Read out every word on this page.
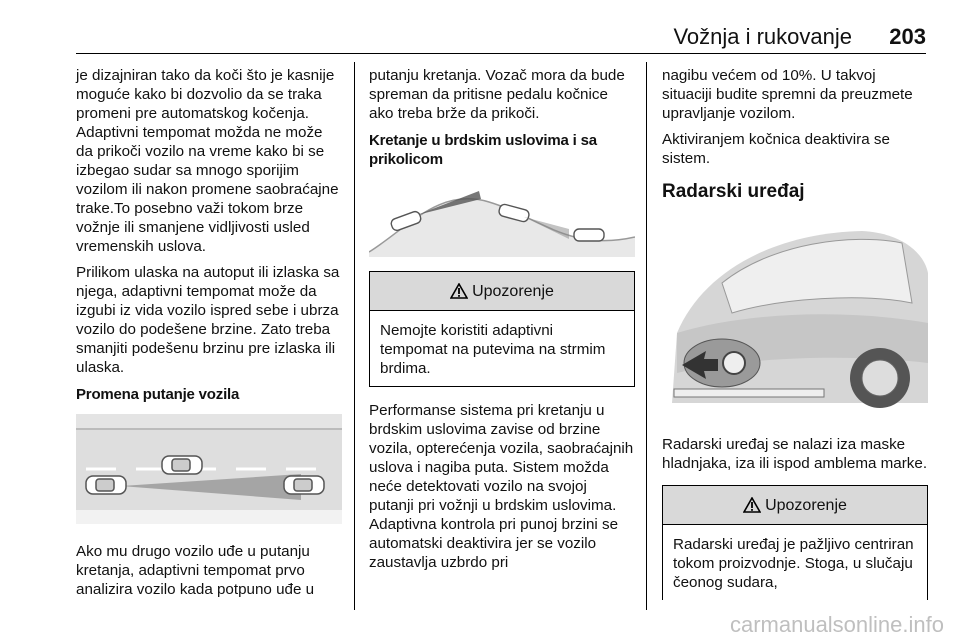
Vožnja i rukovanje 203

je dizajniran tako da koči što je kasnije moguće kako bi dozvolio da se traka promeni pre automatskog kočenja. Adaptivni tempomat možda ne može da prikoči vozilo na vreme kako bi se izbegao sudar sa mnogo sporijim vozilom ili nakon promene saobraćajne trake.To posebno važi tokom brze vožnje ili smanjene vidljivosti usled vremenskih uslova.

Prilikom ulaska na autoput ili izlaska sa njega, adaptivni tempomat može da izgubi iz vida vozilo ispred sebe i ubrza vozilo do podešene brzine. Zato treba smanjiti podešenu brzinu pre izlaska ili ulaska.

Promena putanje vozila

Ako mu drugo vozilo uđe u putanju kretanja, adaptivni tempomat prvo analizira vozilo kada potpuno uđe u

putanju kretanja. Vozač mora da bude spreman da pritisne pedalu kočnice ako treba brže da prikoči.

Kretanje u brdskim uslovima i sa prikolicom
Upozorenje
Nemojte koristiti adaptivni tempomat na putevima na strmim brdima.

Performanse sistema pri kretanju u brdskim uslovima zavise od brzine vozila, opterećenja vozila, saobraćajnih uslova i nagiba puta. Sistem možda neće detektovati vozilo na svojoj putanji pri vožnji u brdskim uslovima. Adaptivna kontrola pri punoj brzini se automatski deaktivira jer se vozilo zaustavlja uzbrdo pri

nagibu većem od 10%. U takvoj situaciji budite spremni da preuzmete upravljanje vozilom.

Aktiviranjem kočnica deaktivira se sistem.

Radarski uređaj

Radarski uređaj se nalazi iza maske hladnjaka, iza ili ispod amblema marke.

Upozorenje
Radarski uređaj je pažljivo centriran tokom proizvodnje. Stoga, u slučaju čeonog sudara,
carmanualsonline.info
